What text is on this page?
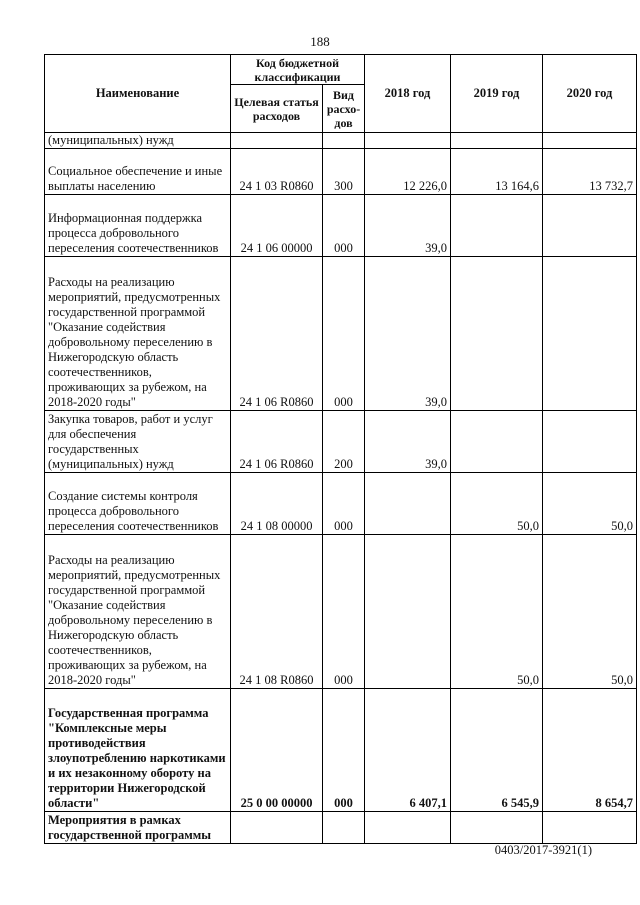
188
Наименование	Код бюджетной классификации		2018 год	2019 год	2020 год
	Целевая статья расходов	Вид расхо-дов			
(муниципальных) нужд					
Социальное обеспечение и иные выплаты населению	24 1 03 R0860	300	12 226,0	13 164,6	13 732,7
Информационная поддержка процесса добровольного переселения соотечественников	24 1 06 00000	000	39,0		
Расходы на реализацию мероприятий, предусмотренных государственной программой "Оказание содействия добровольному переселению в Нижегородскую область соотечественников, проживающих за рубежом, на 2018-2020 годы"	24 1 06 R0860	000	39,0		
Закупка товаров, работ и услуг для обеспечения государственных (муниципальных) нужд	24 1 06 R0860	200	39,0		
Создание системы контроля процесса добровольного переселения соотечественников	24 1 08 00000	000		50,0	50,0
Расходы на реализацию мероприятий, предусмотренных государственной программой "Оказание содействия добровольному переселению в Нижегородскую область соотечественников, проживающих за рубежом, на 2018-2020 годы"	24 1 08 R0860	000		50,0	50,0
Государственная программа "Комплексные меры противодействия злоупотреблению наркотиками и их незаконному обороту на территории Нижегородской области"	25 0 00 00000	000	6 407,1	6 545,9	8 654,7
Мероприятия в рамках государственной программы					
0403/2017-3921(1)
